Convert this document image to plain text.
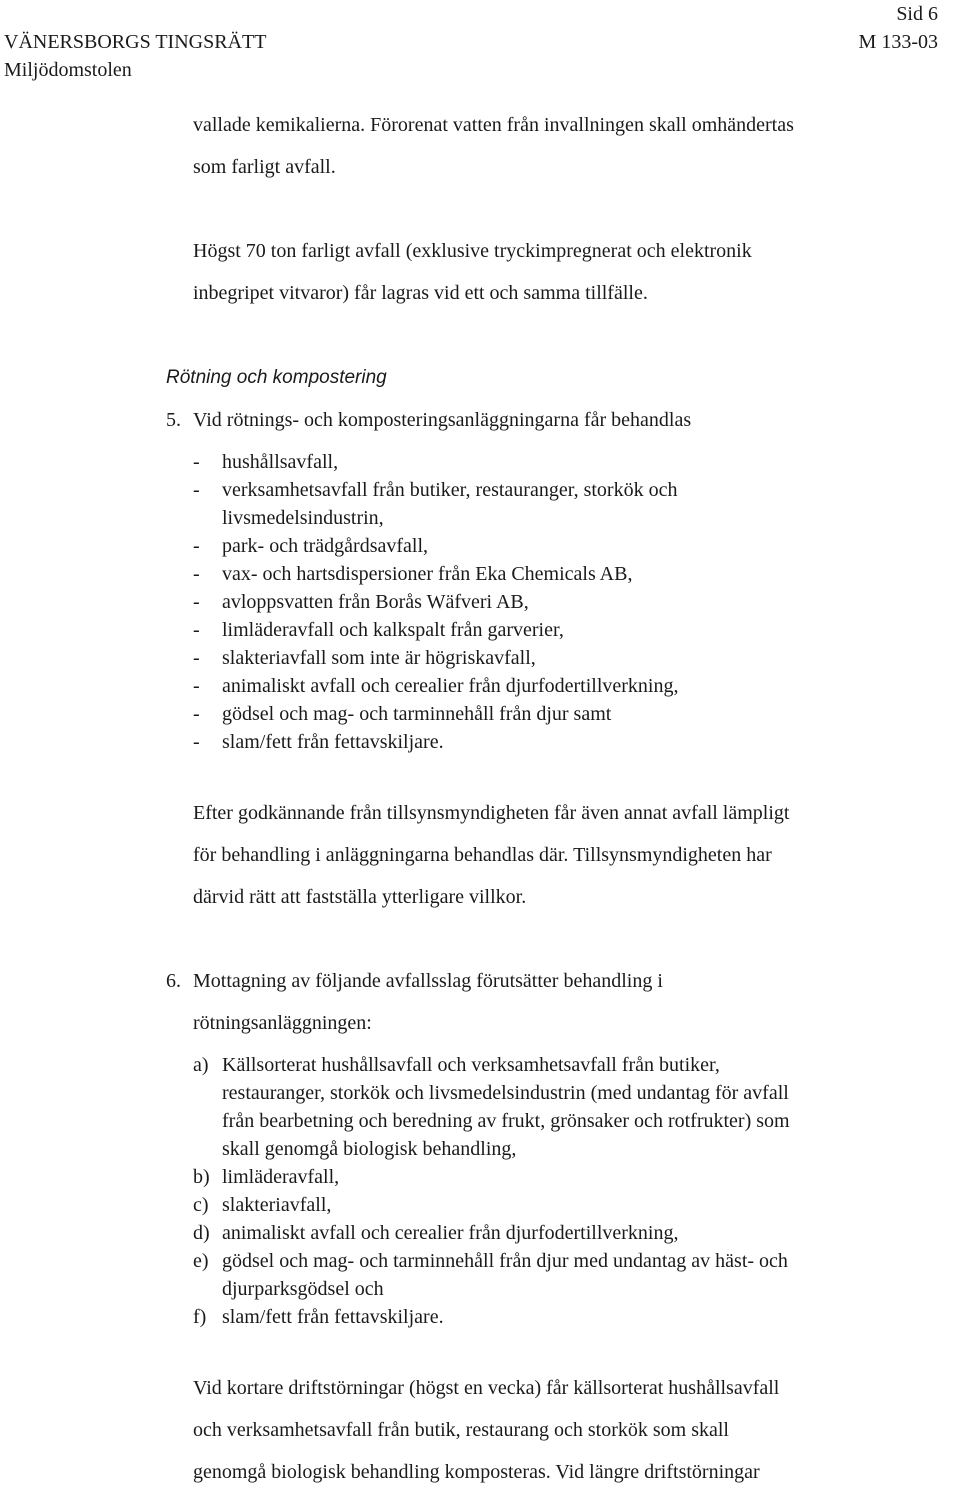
Sid 6
VÄNERSBORGS TINGSRÄTT	M 133-03
Miljödomstolen
vallade kemikalierna. Förorenat vatten från invallningen skall omhändertas
som farligt avfall.
Högst 70 ton farligt avfall (exklusive tryckimpregnerat och elektronik
inbegripet vitvaror) får lagras vid ett och samma tillfälle.
Rötning och kompostering
5. Vid rötnings- och komposteringsanläggningarna får behandlas
- hushållsavfall,
- verksamhetsavfall från butiker, restauranger, storkök och
livsmedelsindustrin,
- park- och trädgårdsavfall,
- vax- och hartsdispersioner från Eka Chemicals AB,
- avloppsvatten från Borås Wäfveri AB,
- limläderavfall och kalkspalt från garverier,
- slakteriavfall som inte är högriskavfall,
- animaliskt avfall och cerealier från djurfodertillverkning,
- gödsel och mag- och tarminnehåll från djur samt
- slam/fett från fettavskiljare.
Efter godkännande från tillsynsmyndigheten får även annat avfall lämpligt
för behandling i anläggningarna behandlas där. Tillsynsmyndigheten har
därvid rätt att fastställa ytterligare villkor.
6. Mottagning av följande avfallsslag förutsätter behandling i
rötningsanläggningen:
a) Källsorterat hushållsavfall och verksamhetsavfall från butiker,
restauranger, storkök och livsmedelsindustrin (med undantag för avfall
från bearbetning och beredning av frukt, grönsaker och rotfrukter) som
skall genomgå biologisk behandling,
b) limläderavfall,
c) slakteriavfall,
d) animaliskt avfall och cerealier från djurfodertillverkning,
e) gödsel och mag- och tarminnehåll från djur med undantag av häst- och
djurparksgödsel och
f) slam/fett från fettavskiljare.
Vid kortare driftstörningar (högst en vecka) får källsorterat hushållsavfall
och verksamhetsavfall från butik, restaurang och storkök som skall
genomgå biologisk behandling komposteras. Vid längre driftstörningar
